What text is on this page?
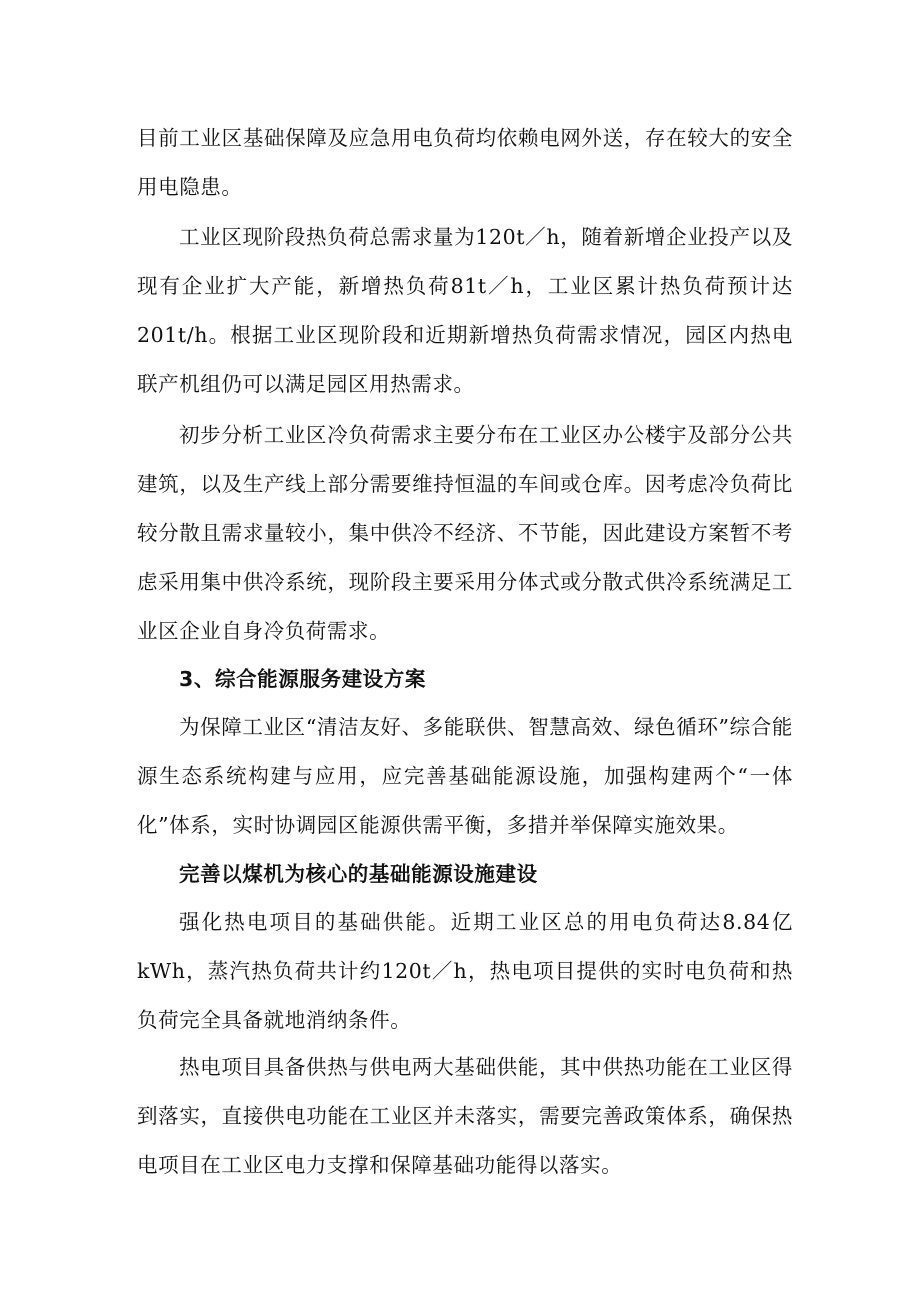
目前工业区基础保障及应急用电负荷均依赖电网外送，存在较大的安全用电隐患。

工业区现阶段热负荷总需求量为120t／h，随着新增企业投产以及现有企业扩大产能，新增热负荷81t／h，工业区累计热负荷预计达201t/h。根据工业区现阶段和近期新增热负荷需求情况，园区内热电联产机组仍可以满足园区用热需求。

初步分析工业区冷负荷需求主要分布在工业区办公楼宇及部分公共建筑，以及生产线上部分需要维持恒温的车间或仓库。因考虑冷负荷比较分散且需求量较小，集中供冷不经济、不节能，因此建设方案暂不考虑采用集中供冷系统，现阶段主要采用分体式或分散式供冷系统满足工业区企业自身冷负荷需求。

3、综合能源服务建设方案

为保障工业区“清洁友好、多能联供、智慧高效、绿色循环”综合能源生态系统构建与应用，应完善基础能源设施，加强构建两个“一体化”体系，实时协调园区能源供需平衡，多措并举保障实施效果。

完善以煤机为核心的基础能源设施建设

强化热电项目的基础供能。近期工业区总的用电负荷达8.84亿kWh，蒸汽热负荷共计约120t／h，热电项目提供的实时电负荷和热负荷完全具备就地消纳条件。

热电项目具备供热与供电两大基础供能，其中供热功能在工业区得到落实，直接供电功能在工业区并未落实，需要完善政策体系，确保热电项目在工业区电力支撑和保障基础功能得以落实。
